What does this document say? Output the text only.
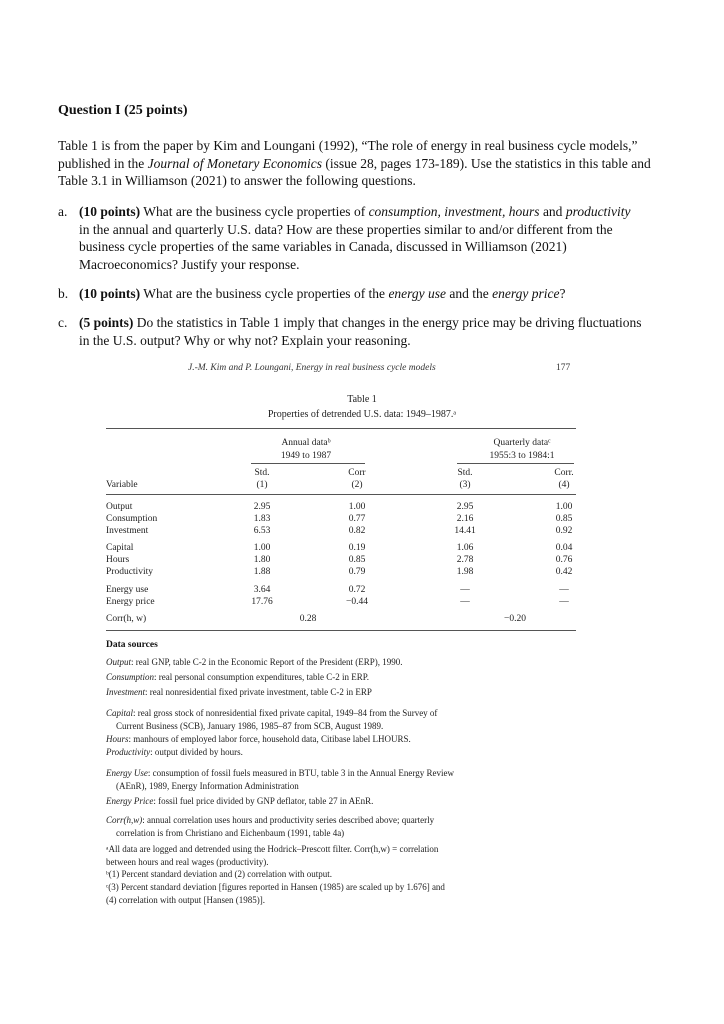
Question I (25 points)
Table 1 is from the paper by Kim and Loungani (1992), “The role of energy in real business cycle models,” published in the Journal of Monetary Economics (issue 28, pages 173-189). Use the statistics in this table and Table 3.1 in Williamson (2021) to answer the following questions.
a. (10 points) What are the business cycle properties of consumption, investment, hours and productivity in the annual and quarterly U.S. data? How are these properties similar to and/or different from the business cycle properties of the same variables in Canada, discussed in Williamson (2021) Macroeconomics? Justify your response.
b. (10 points) What are the business cycle properties of the energy use and the energy price?
c. (5 points) Do the statistics in Table 1 imply that changes in the energy price may be driving fluctuations in the U.S. output? Why or why not? Explain your reasoning.
J.-M. Kim and P. Loungani, Energy in real business cycle models	177
Table 1
Properties of detrended U.S. data: 1949–1987.ᵃ
Annual dataᵇ
1949 to 1987
Quarterly dataᶜ
1955:3 to 1984:1
Std.	Corr	Std.	Corr.
Variable	(1)	(2)	(3)	(4)
Output	2.95	1.00	2.95	1.00
Consumption	1.83	0.77	2.16	0.85
Investment	6.53	0.82	14.41	0.92
Capital	1.00	0.19	1.06	0.04
Hours	1.80	0.85	2.78	0.76
Productivity	1.88	0.79	1.98	0.42
Energy use	3.64	0.72	—	—
Energy price	17.76	−0.44	—	—
Corr(h, w)	0.28	−0.20
Data sources
Output: real GNP, table C-2 in the Economic Report of the President (ERP), 1990.
Consumption: real personal consumption expenditures, table C-2 in ERP.
Investment: real nonresidential fixed private investment, table C-2 in ERP
Capital: real gross stock of nonresidential fixed private capital, 1949–84 from the Survey of
Current Business (SCB), January 1986, 1985–87 from SCB, August 1989.
Hours: manhours of employed labor force, household data, Citibase label LHOURS.
Productivity: output divided by hours.
Energy Use: consumption of fossil fuels measured in BTU, table 3 in the Annual Energy Review
(AEnR), 1989, Energy Information Administration
Energy Price: fossil fuel price divided by GNP deflator, table 27 in AEnR.
Corr(h,w): annual correlation uses hours and productivity series described above; quarterly
correlation is from Christiano and Eichenbaum (1991, table 4a)
ᵃAll data are logged and detrended using the Hodrick–Prescott filter. Corr(h,w) = correlation
between hours and real wages (productivity).
ᵇ(1) Percent standard deviation and (2) correlation with output.
ᶜ(3) Percent standard deviation [figures reported in Hansen (1985) are scaled up by 1.676] and
(4) correlation with output [Hansen (1985)].
